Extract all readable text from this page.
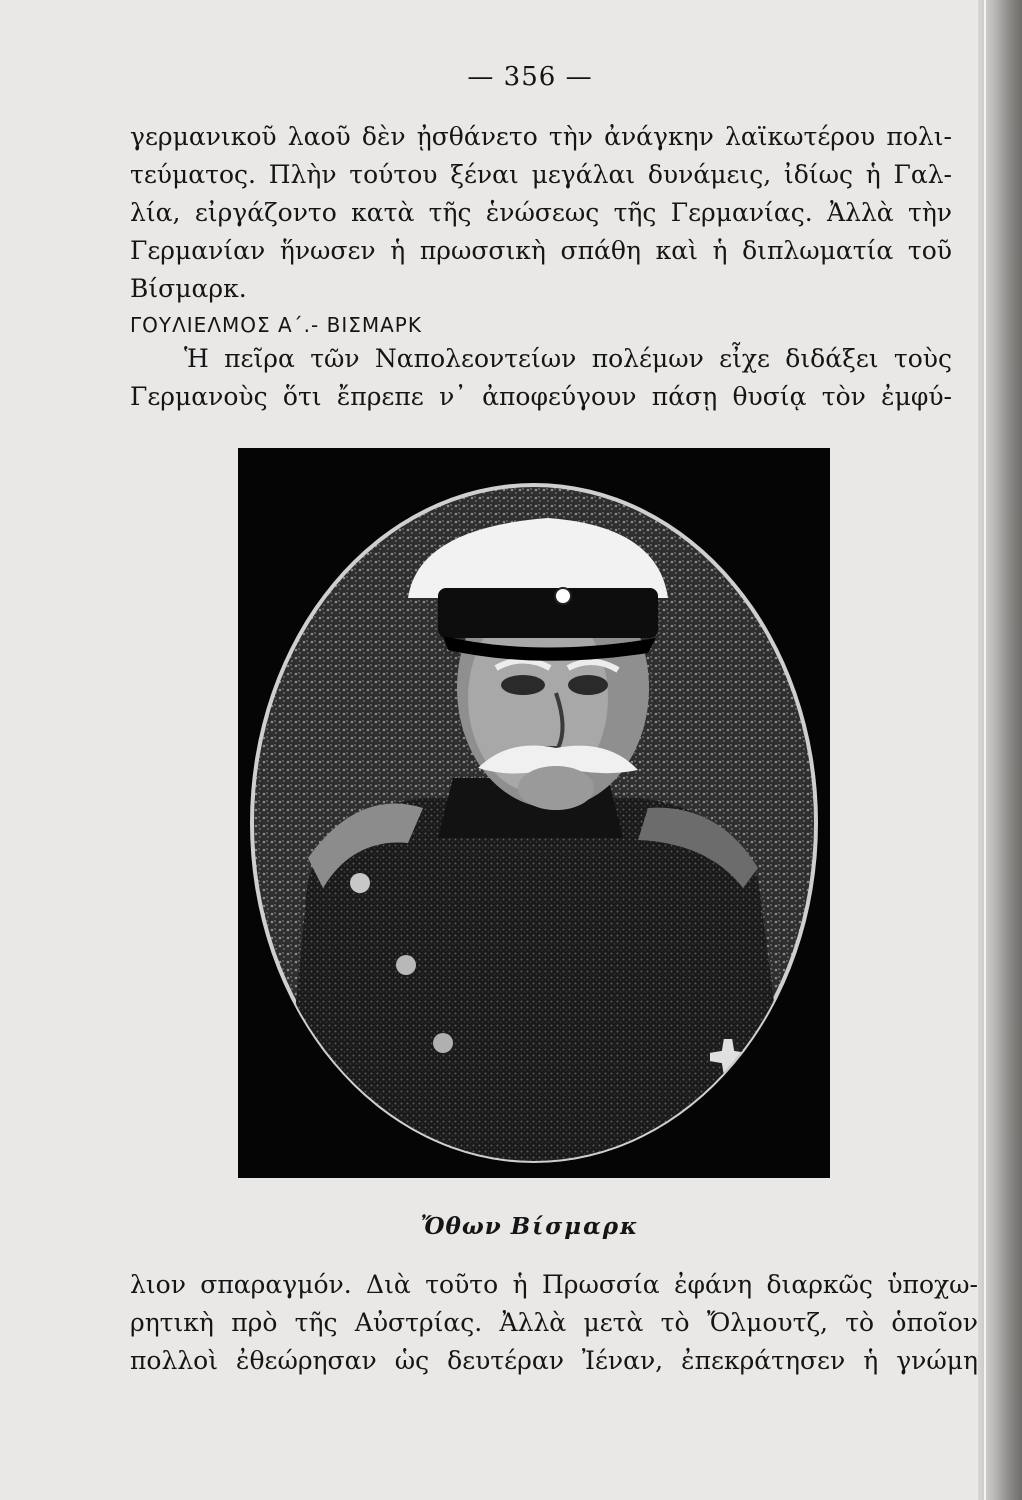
— 356 —
γερμανικοῦ λαοῦ δὲν ᾐσθάνετο τὴν ἀνάγκην λαϊκωτέρου πολι-
τεύματος. Πλὴν τούτου ξέναι μεγάλαι δυνάμεις, ἰδίως ἡ Γαλ-
λία, εἰργάζοντο κατὰ τῆς ἑνώσεως τῆς Γερμανίας. Ἀλλὰ τὴν
Γερμανίαν ἥνωσεν ἡ πρωσσικὴ σπάθη καὶ ἡ διπλωματία τοῦ
Βίσμαρκ.
ΓΟΥΛΙΕΛΜΟΣ Α΄.- ΒΙΣΜΑΡΚ
Ἡ πεῖρα τῶν Ναπολεοντείων πολέμων εἶχε διδάξει τοὺς
Γερμανοὺς ὅτι ἔπρεπε ν᾽ ἀποφεύγουν πάσῃ θυσίᾳ τὸν ἐμφύ-
Ὄθων Βίσμαρκ
λιον σπαραγμόν. Διὰ τοῦτο ἡ Πρωσσία ἐφάνη διαρκῶς ὑποχω-
ρητικὴ πρὸ τῆς Αὐστρίας. Ἀλλὰ μετὰ τὸ Ὄλμουτζ, τὸ ὁποῖον
πολλοὶ ἐθεώρησαν ὡς δευτέραν Ἰέναν, ἐπεκράτησεν ἡ γνώμη
